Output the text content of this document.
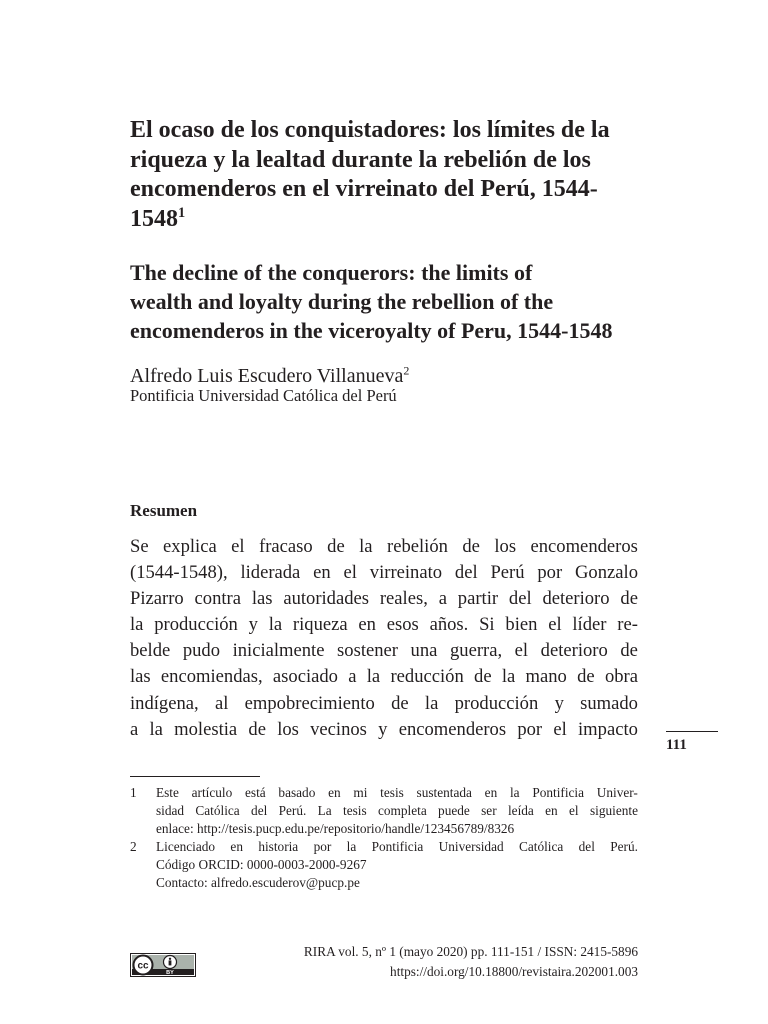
El ocaso de los conquistadores: los límites de la
riqueza y la lealtad durante la rebelión de los
encomenderos en el virreinato del Perú, 1544-
1548$^1$
The decline of the conquerors: the limits of
wealth and loyalty during the rebellion of the
encomenderos in the viceroyalty of Peru, 1544-1548
Alfredo Luis Escudero Villanueva$^2$
Pontificia Universidad Católica del Perú
Resumen
Se explica el fracaso de la rebelión de los encomenderos
(1544-1548), liderada en el virreinato del Perú por Gonzalo
Pizarro contra las autoridades reales, a partir del deterioro de
la producción y la riqueza en esos años. Si bien el líder re-
belde pudo inicialmente sostener una guerra, el deterioro de
las encomiendas, asociado a la reducción de la mano de obra
indígena, al empobrecimiento de la producción y sumado
a la molestia de los vecinos y encomenderos por el impacto
111
1 Este artículo está basado en mi tesis sustentada en la Pontificia Univer-
sidad Católica del Perú. La tesis completa puede ser leída en el siguiente
enlace: http://tesis.pucp.edu.pe/repositorio/handle/123456789/8326
2 Licenciado en historia por la Pontificia Universidad Católica del Perú.
Código ORCID: 0000-0003-2000-9267
Contacto: alfredo.escuderov@pucp.pe
cc
BY
RIRA vol. 5, nº 1 (mayo 2020) pp. 111-151 / ISSN: 2415-5896
https://doi.org/10.18800/revistaira.202001.003
